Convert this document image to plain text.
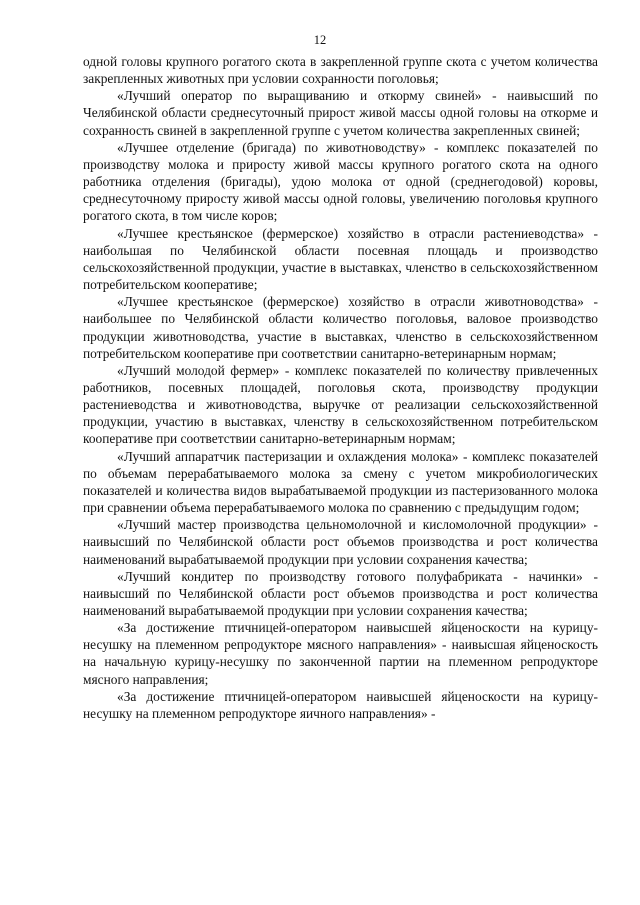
12

одной головы крупного рогатого скота в закрепленной группе скота с учетом количества закрепленных животных при условии сохранности поголовья;

«Лучший оператор по выращиванию и откорму свиней» - наивысший по Челябинской области среднесуточный прирост живой массы одной головы на откорме и сохранность свиней в закрепленной группе с учетом количества закрепленных свиней;

«Лучшее отделение (бригада) по животноводству» - комплекс показателей по производству молока и приросту живой массы крупного рогатого скота на одного работника отделения (бригады), удою молока от одной (среднегодовой) коровы, среднесуточному приросту живой массы одной головы, увеличению поголовья крупного рогатого скота, в том числе коров;

«Лучшее крестьянское (фермерское) хозяйство в отрасли растениеводства» - наибольшая по Челябинской области посевная площадь и производство сельскохозяйственной продукции, участие в выставках, членство в сельскохозяйственном потребительском кооперативе;

«Лучшее крестьянское (фермерское) хозяйство в отрасли животноводства» - наибольшее по Челябинской области количество поголовья, валовое производство продукции животноводства, участие в выставках, членство в сельскохозяйственном потребительском кооперативе при соответствии санитарно-ветеринарным нормам;

«Лучший молодой фермер» - комплекс показателей по количеству привлеченных работников, посевных площадей, поголовья скота, производству продукции растениеводства и животноводства, выручке от реализации сельскохозяйственной продукции, участию в выставках, членству в сельскохозяйственном потребительском кооперативе при соответствии санитарно-ветеринарным нормам;

«Лучший аппаратчик пастеризации и охлаждения молока» - комплекс показателей по объемам перерабатываемого молока за смену с учетом микробиологических показателей и количества видов вырабатываемой продукции из пастеризованного молока при сравнении объема перерабатываемого молока по сравнению с предыдущим годом;

«Лучший мастер производства цельномолочной и кисломолочной продукции» - наивысший по Челябинской области рост объемов производства и рост количества наименований вырабатываемой продукции при условии сохранения качества;

«Лучший кондитер по производству готового полуфабриката - начинки» - наивысший по Челябинской области рост объемов производства и рост количества наименований вырабатываемой продукции при условии сохранения качества;

«За достижение птичницей-оператором наивысшей яйценоскости на курицу-несушку на племенном репродукторе мясного направления» - наивысшая яйценоскость на начальную курицу-несушку по законченной партии на племенном репродукторе мясного направления;

«За достижение птичницей-оператором наивысшей яйценоскости на курицу-несушку на племенном репродукторе яичного направления» -
